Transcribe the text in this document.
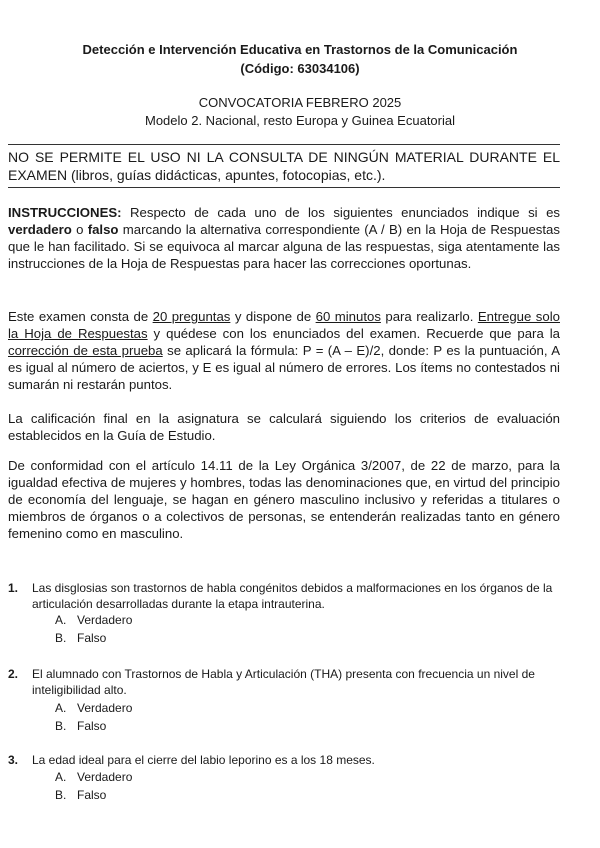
Detección e Intervención Educativa en Trastornos de la Comunicación
(Código: 63034106)
CONVOCATORIA FEBRERO 2025
Modelo 2. Nacional, resto Europa y Guinea Ecuatorial
NO SE PERMITE EL USO NI LA CONSULTA DE NINGÚN MATERIAL DURANTE EL EXAMEN (libros, guías didácticas, apuntes, fotocopias, etc.).
INSTRUCCIONES: Respecto de cada uno de los siguientes enunciados indique si es verdadero o falso marcando la alternativa correspondiente (A / B) en la Hoja de Respuestas que le han facilitado. Si se equivoca al marcar alguna de las respuestas, siga atentamente las instrucciones de la Hoja de Respuestas para hacer las correcciones oportunas.
Este examen consta de 20 preguntas y dispone de 60 minutos para realizarlo. Entregue solo la Hoja de Respuestas y quédese con los enunciados del examen. Recuerde que para la corrección de esta prueba se aplicará la fórmula: P = (A – E)/2, donde: P es la puntuación, A es igual al número de aciertos, y E es igual al número de errores. Los ítems no contestados ni sumarán ni restarán puntos.
La calificación final en la asignatura se calculará siguiendo los criterios de evaluación establecidos en la Guía de Estudio.
De conformidad con el artículo 14.11 de la Ley Orgánica 3/2007, de 22 de marzo, para la igualdad efectiva de mujeres y hombres, todas las denominaciones que, en virtud del principio de economía del lenguaje, se hagan en género masculino inclusivo y referidas a titulares o miembros de órganos o a colectivos de personas, se entenderán realizadas tanto en género femenino como en masculino.
1.	Las disglosias son trastornos de habla congénitos debidos a malformaciones en los órganos de la articulación desarrolladas durante la etapa intrauterina.
A. Verdadero
B. Falso
2.	El alumnado con Trastornos de Habla y Articulación (THA) presenta con frecuencia un nivel de inteligibilidad alto.
A. Verdadero
B. Falso
3.	La edad ideal para el cierre del labio leporino es a los 18 meses.
A. Verdadero
B. Falso
